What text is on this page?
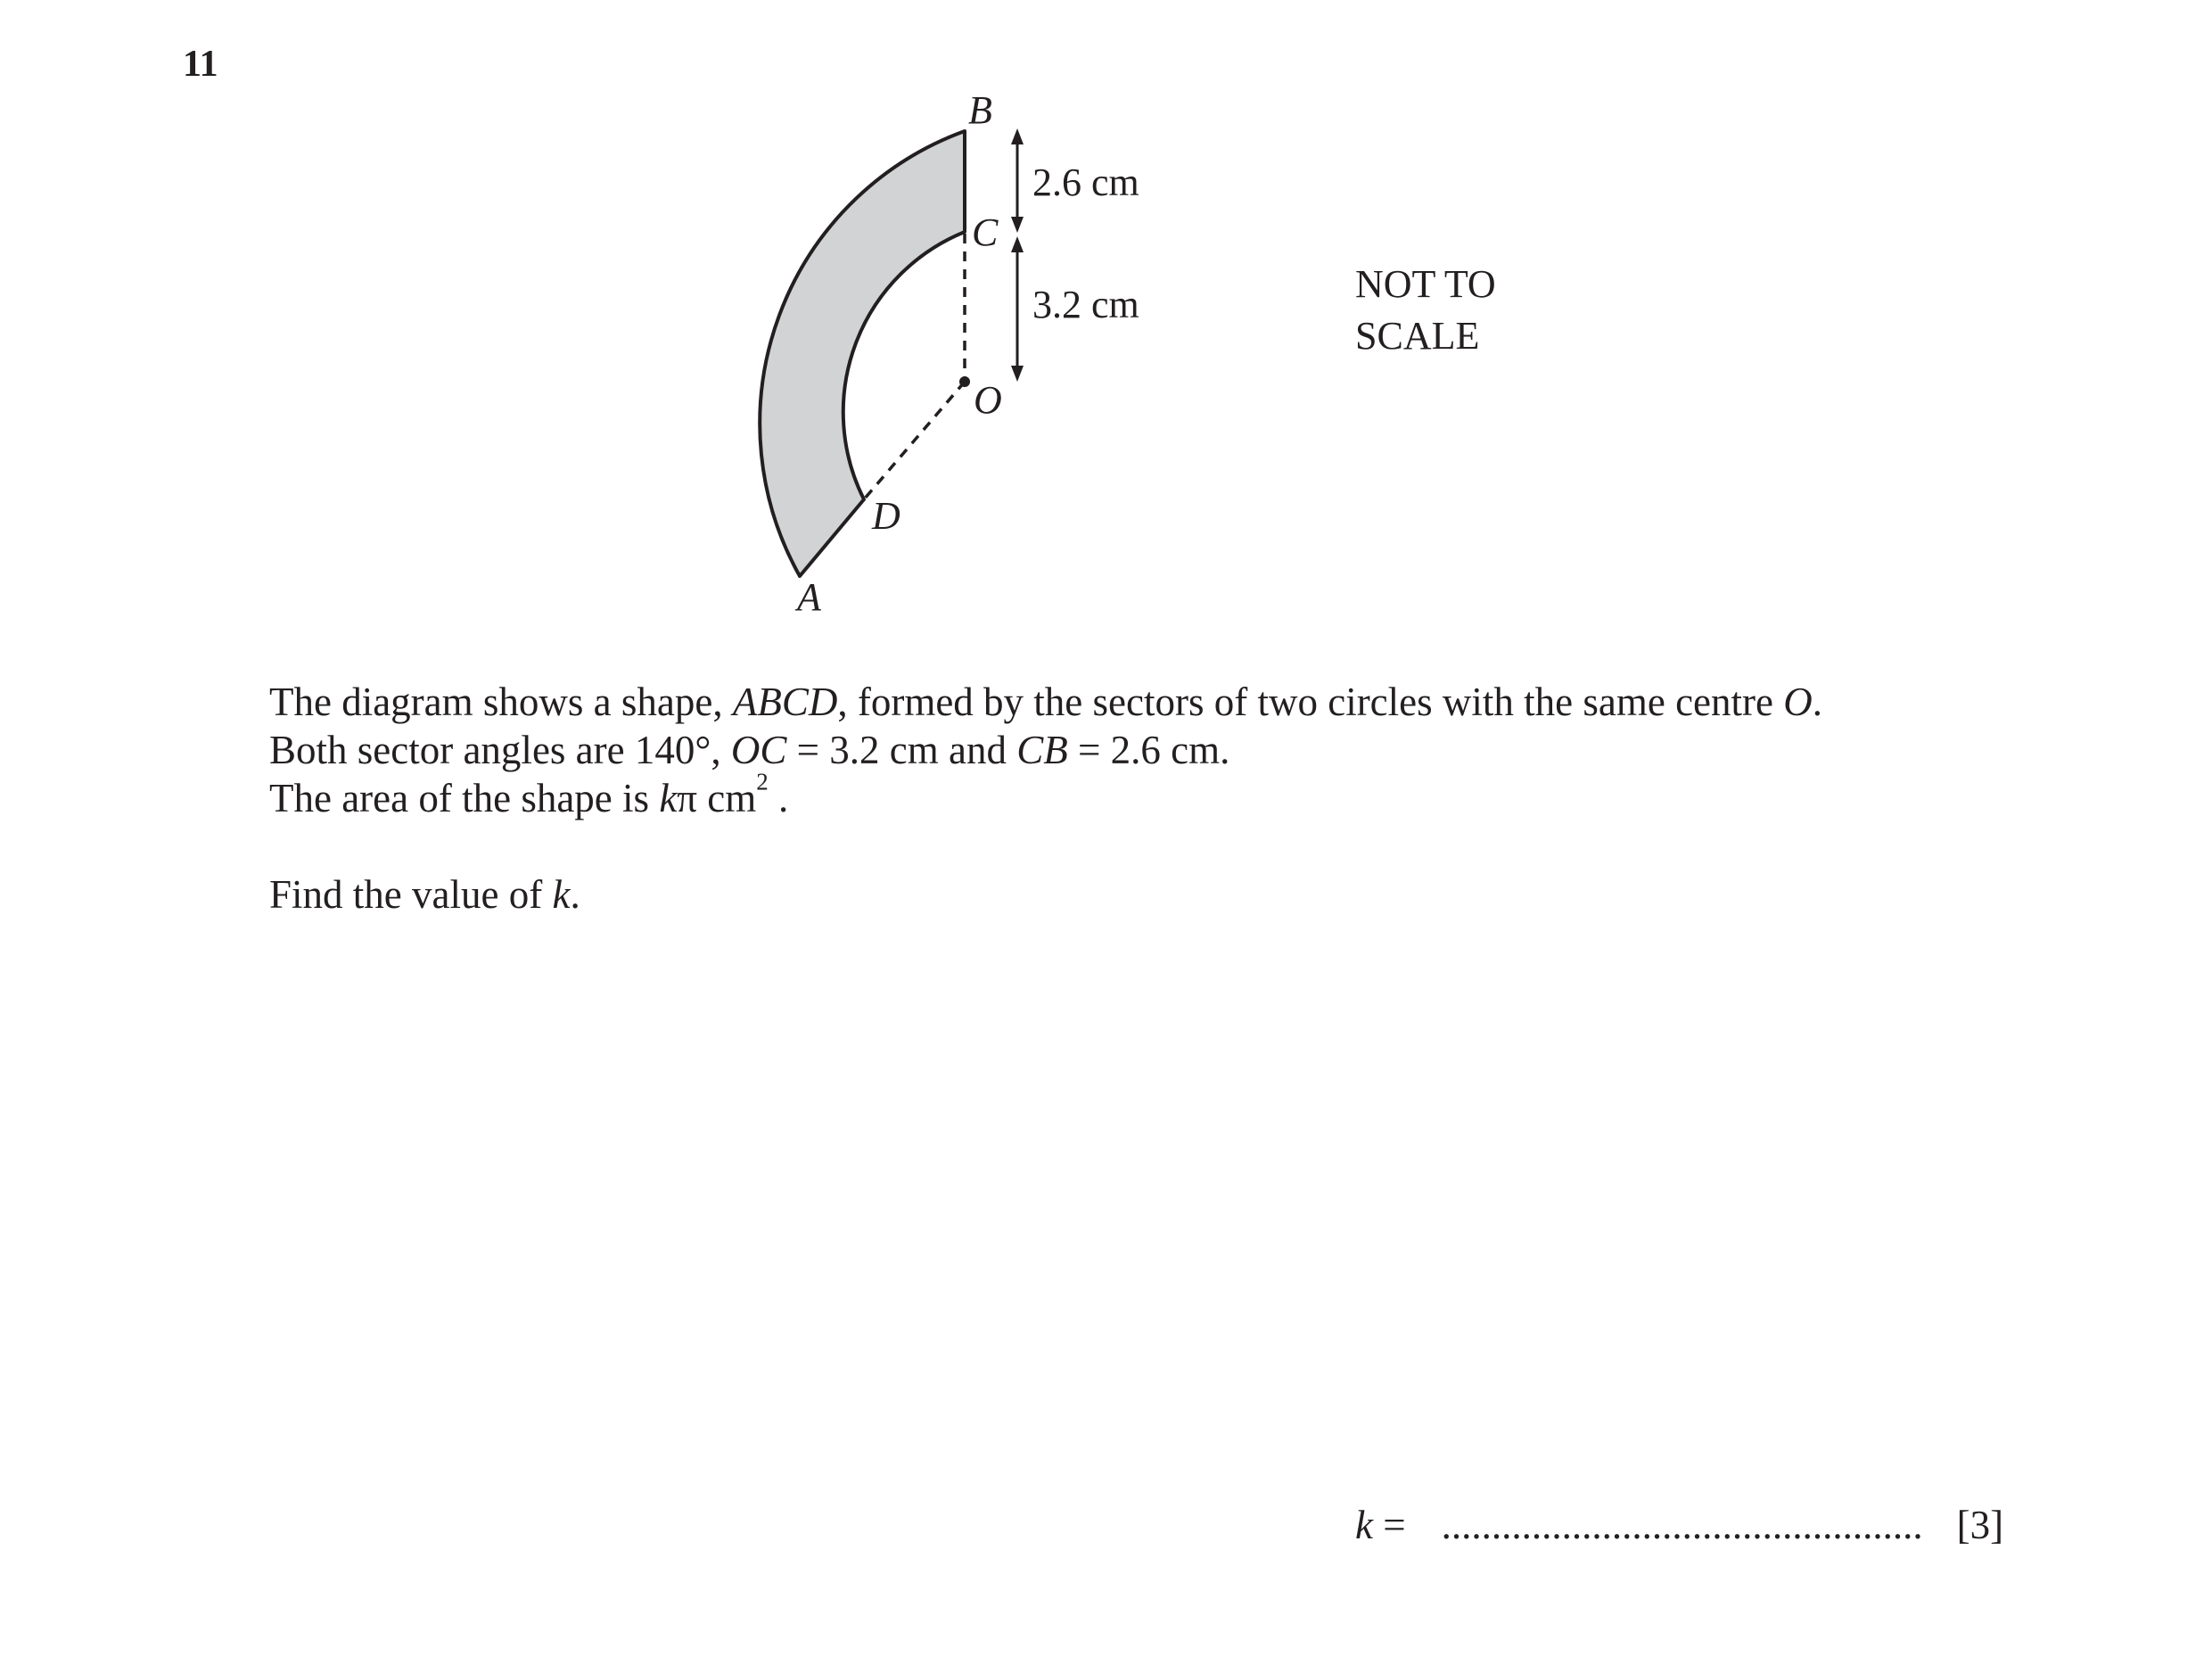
11
B
C
O
D
A
2.6 cm
3.2 cm	NOT TO
SCALE

The diagram shows a shape, ABCD, formed by the sectors of two circles with the same centre O.

Both sector angles are 140°, OC = 3.2 cm and CB = 2.6 cm.

The area of the shape is kπ $cm^2$ .

Find the value of k.

k = ................................................ [3]
